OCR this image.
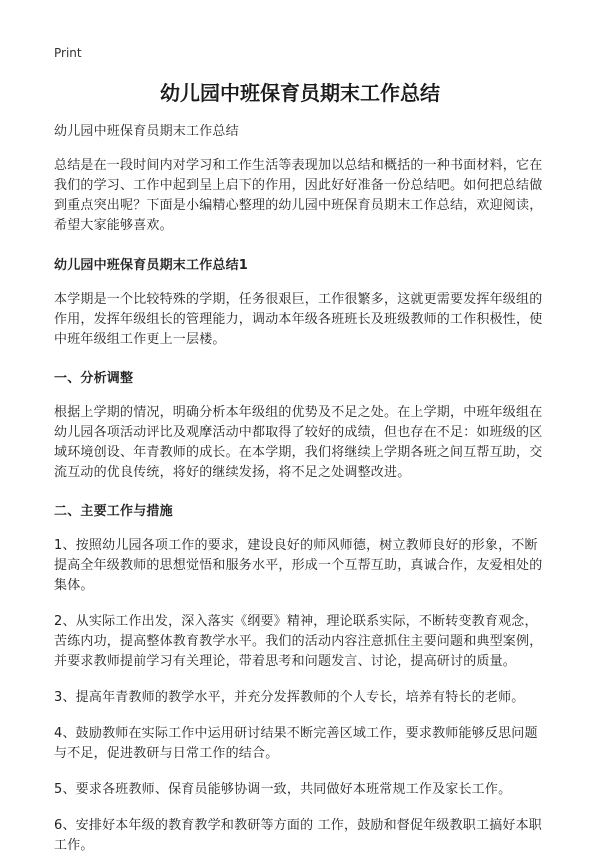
Print
幼儿园中班保育员期末工作总结

幼儿园中班保育员期末工作总结

总结是在一段时间内对学习和工作生活等表现加以总结和概括的一种书面材料，它在我们的学习、工作中起到呈上启下的作用，因此好好准备一份总结吧。如何把总结做到重点突出呢？下面是小编精心整理的幼儿园中班保育员期末工作总结，欢迎阅读，希望大家能够喜欢。

幼儿园中班保育员期末工作总结1

本学期是一个比较特殊的学期，任务很艰巨，工作很繁多，这就更需要发挥年级组的作用，发挥年级组长的管理能力，调动本年级各班班长及班级教师的工作积极性，使中班年级组工作更上一层楼。

一、分析调整

根据上学期的情况，明确分析本年级组的优势及不足之处。在上学期，中班年级组在幼儿园各项活动评比及观摩活动中都取得了较好的成绩，但也存在不足：如班级的区域环境创设、年青教师的成长。在本学期，我们将继续上学期各班之间互帮互助，交流互动的优良传统，将好的继续发扬，将不足之处调整改进。

二、主要工作与措施

1、按照幼儿园各项工作的要求，建设良好的师风师德，树立教师良好的形象，不断提高全年级教师的思想觉悟和服务水平，形成一个互帮互助，真诚合作，友爱相处的集体。

2、从实际工作出发，深入落实《纲要》精神，理论联系实际，不断转变教育观念，苦练内功，提高整体教育教学水平。我们的活动内容注意抓住主要问题和典型案例，并要求教师提前学习有关理论，带着思考和问题发言、讨论，提高研讨的质量。

3、提高年青教师的教学水平，并充分发挥教师的个人专长，培养有特长的老师。

4、鼓励教师在实际工作中运用研讨结果不断完善区域工作，要求教师能够反思问题与不足，促进教研与日常工作的结合。

5、要求各班教师、保育员能够协调一致，共同做好本班常规工作及家长工作。

6、安排好本年级的教育教学和教研等方面的 工作，鼓励和督促年级教职工搞好本职工作。
